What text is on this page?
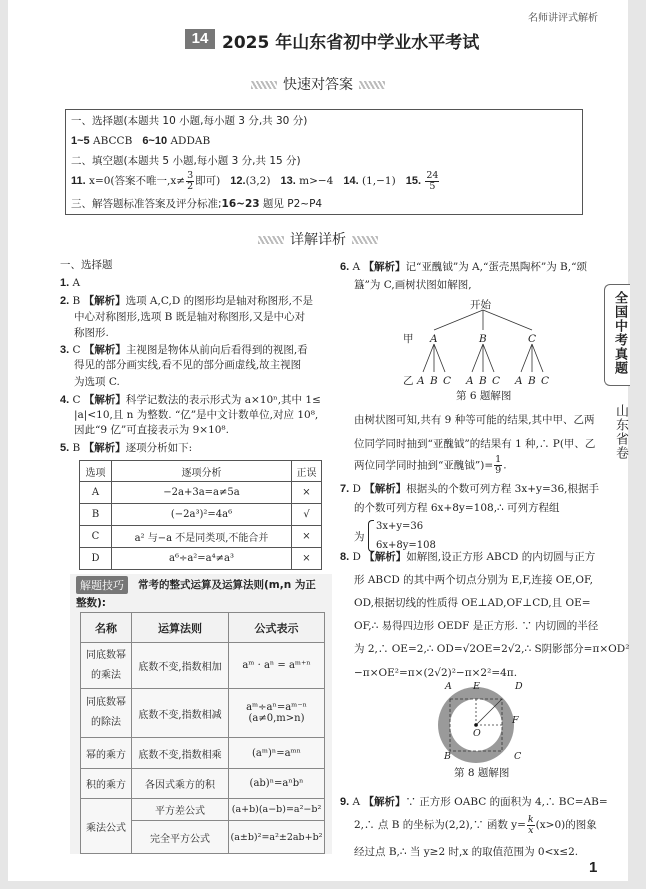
名师讲评式解析
14 2025 年山东省初中学业水平考试
快速对答案
一、选择题(本题共 10 小题,每小题 3 分,共 30 分)
1~5 ABCCB 6~10 ADDAB
二、填空题(本题共 5 小题,每小题 3 分,共 15 分)
11. x=0(答案不唯一$,x\ne \frac{3}{2}$ 即可) 12.(3,2) 13. m>−4 14. (1,−1) 15. $\frac{24}{5}$
三、解答题标准答案及评分标准;16~23 题见 P2~P4
详解详析
一、选择题
1. A
2. B 【解析】选项 A,C,D 的图形均是轴对称图形,不是
中心对称图形,选项 B 既是轴对称图形,又是中心对
称图形.
3. C 【解析】主视图是物体从前向后看得到的视图,看
得见的部分画实线,看不见的部分画虚线,故主视图
为选项 C.
4. C 【解析】科学记数法的表示形式为 a×10ⁿ,其中 1≤
|a|<10,且 n 为整数. “亿”是中文计数单位,对应 10⁸,
因此“9 亿”可直接表示为 9×10⁸.
5. B 【解析】逐项分析如下:
选项	逐项分析	正误
A	−2a+3a=a≠5a	×
B	(−2a³)²=4a⁶	√
C	a² 与−a 不是同类项,不能合并	×
D	a⁶÷a²=a⁴≠a³	×
解题技巧	常考的整式运算及运算法则(m,n 为正
整数):
名称	运算法则	公式表示
同底数幂的乘法	底数不变,指数相加	aᵐ · aⁿ = aᵐ⁺ⁿ
同底数幂的除法	底数不变,指数相减	aᵐ÷aⁿ=aᵐ⁻ⁿ
(a≠0,m>n)

幂的乘方	底数不变,指数相乘	(aᵐ)ⁿ=aᵐⁿ
积的乘方	各因式乘方的积	(ab)ⁿ=aⁿbⁿ
乘法公式	平方差公式	(a+b)(a−b)=a²−b²
	完全平方公式	(a±b)²=a²±2ab+b²
6. A 【解析】记“亚醜钺”为 A,“蛋壳黑陶杯”为 B,“颂
簋”为 C,画树状图如解图,
开始
甲
乙
A	B	C
A B C A B C A B C
第 6 题解图
由树状图可知,共有 9 种等可能的结果,其中甲、乙两
位同学同时抽到“亚醜钺”的结果有 1 种,∴ P(甲、乙
两位同学同时抽到“亚醜钺”)= $\frac{1}{9}$ .
7. D 【解析】根据头的个数可列方程 3x+y=36,根据手
的个数可列方程 6x+8y=108,∴ 可列方程组
为
3x+y=36
6x+8y=108
8. D 【解析】如解图,设正方形 ABCD 的内切圆与正方
形 ABCD 的其中两个切点分别为 E,F,连接 OE,OF,
OD,根据切线的性质得 OE⊥AD,OF⊥CD,且 OE=
OF,∴ 易得四边形 OEDF 是正方形. ∵ 内切圆的半径
为 2,∴ OE=2,∴ OD=√2OE=2√2,∴ S阴影部分=π×OD²
−π×OE²=π×(2√2)²−π×2²=4π.
A E	D
F
O
B	C
第 8 题解图
9. A 【解析】∵ 正方形 OABC 的面积为 4,∴ BC=AB=
2,∴ 点 B 的坐标为(2,2),∵ 函数 $y= \frac{k}{x} (x>0)$的图象
经过点 B,∴ 当 y≥2 时,x 的取值范围为 0<x≤2.
全国中考真题
山东省卷
1
